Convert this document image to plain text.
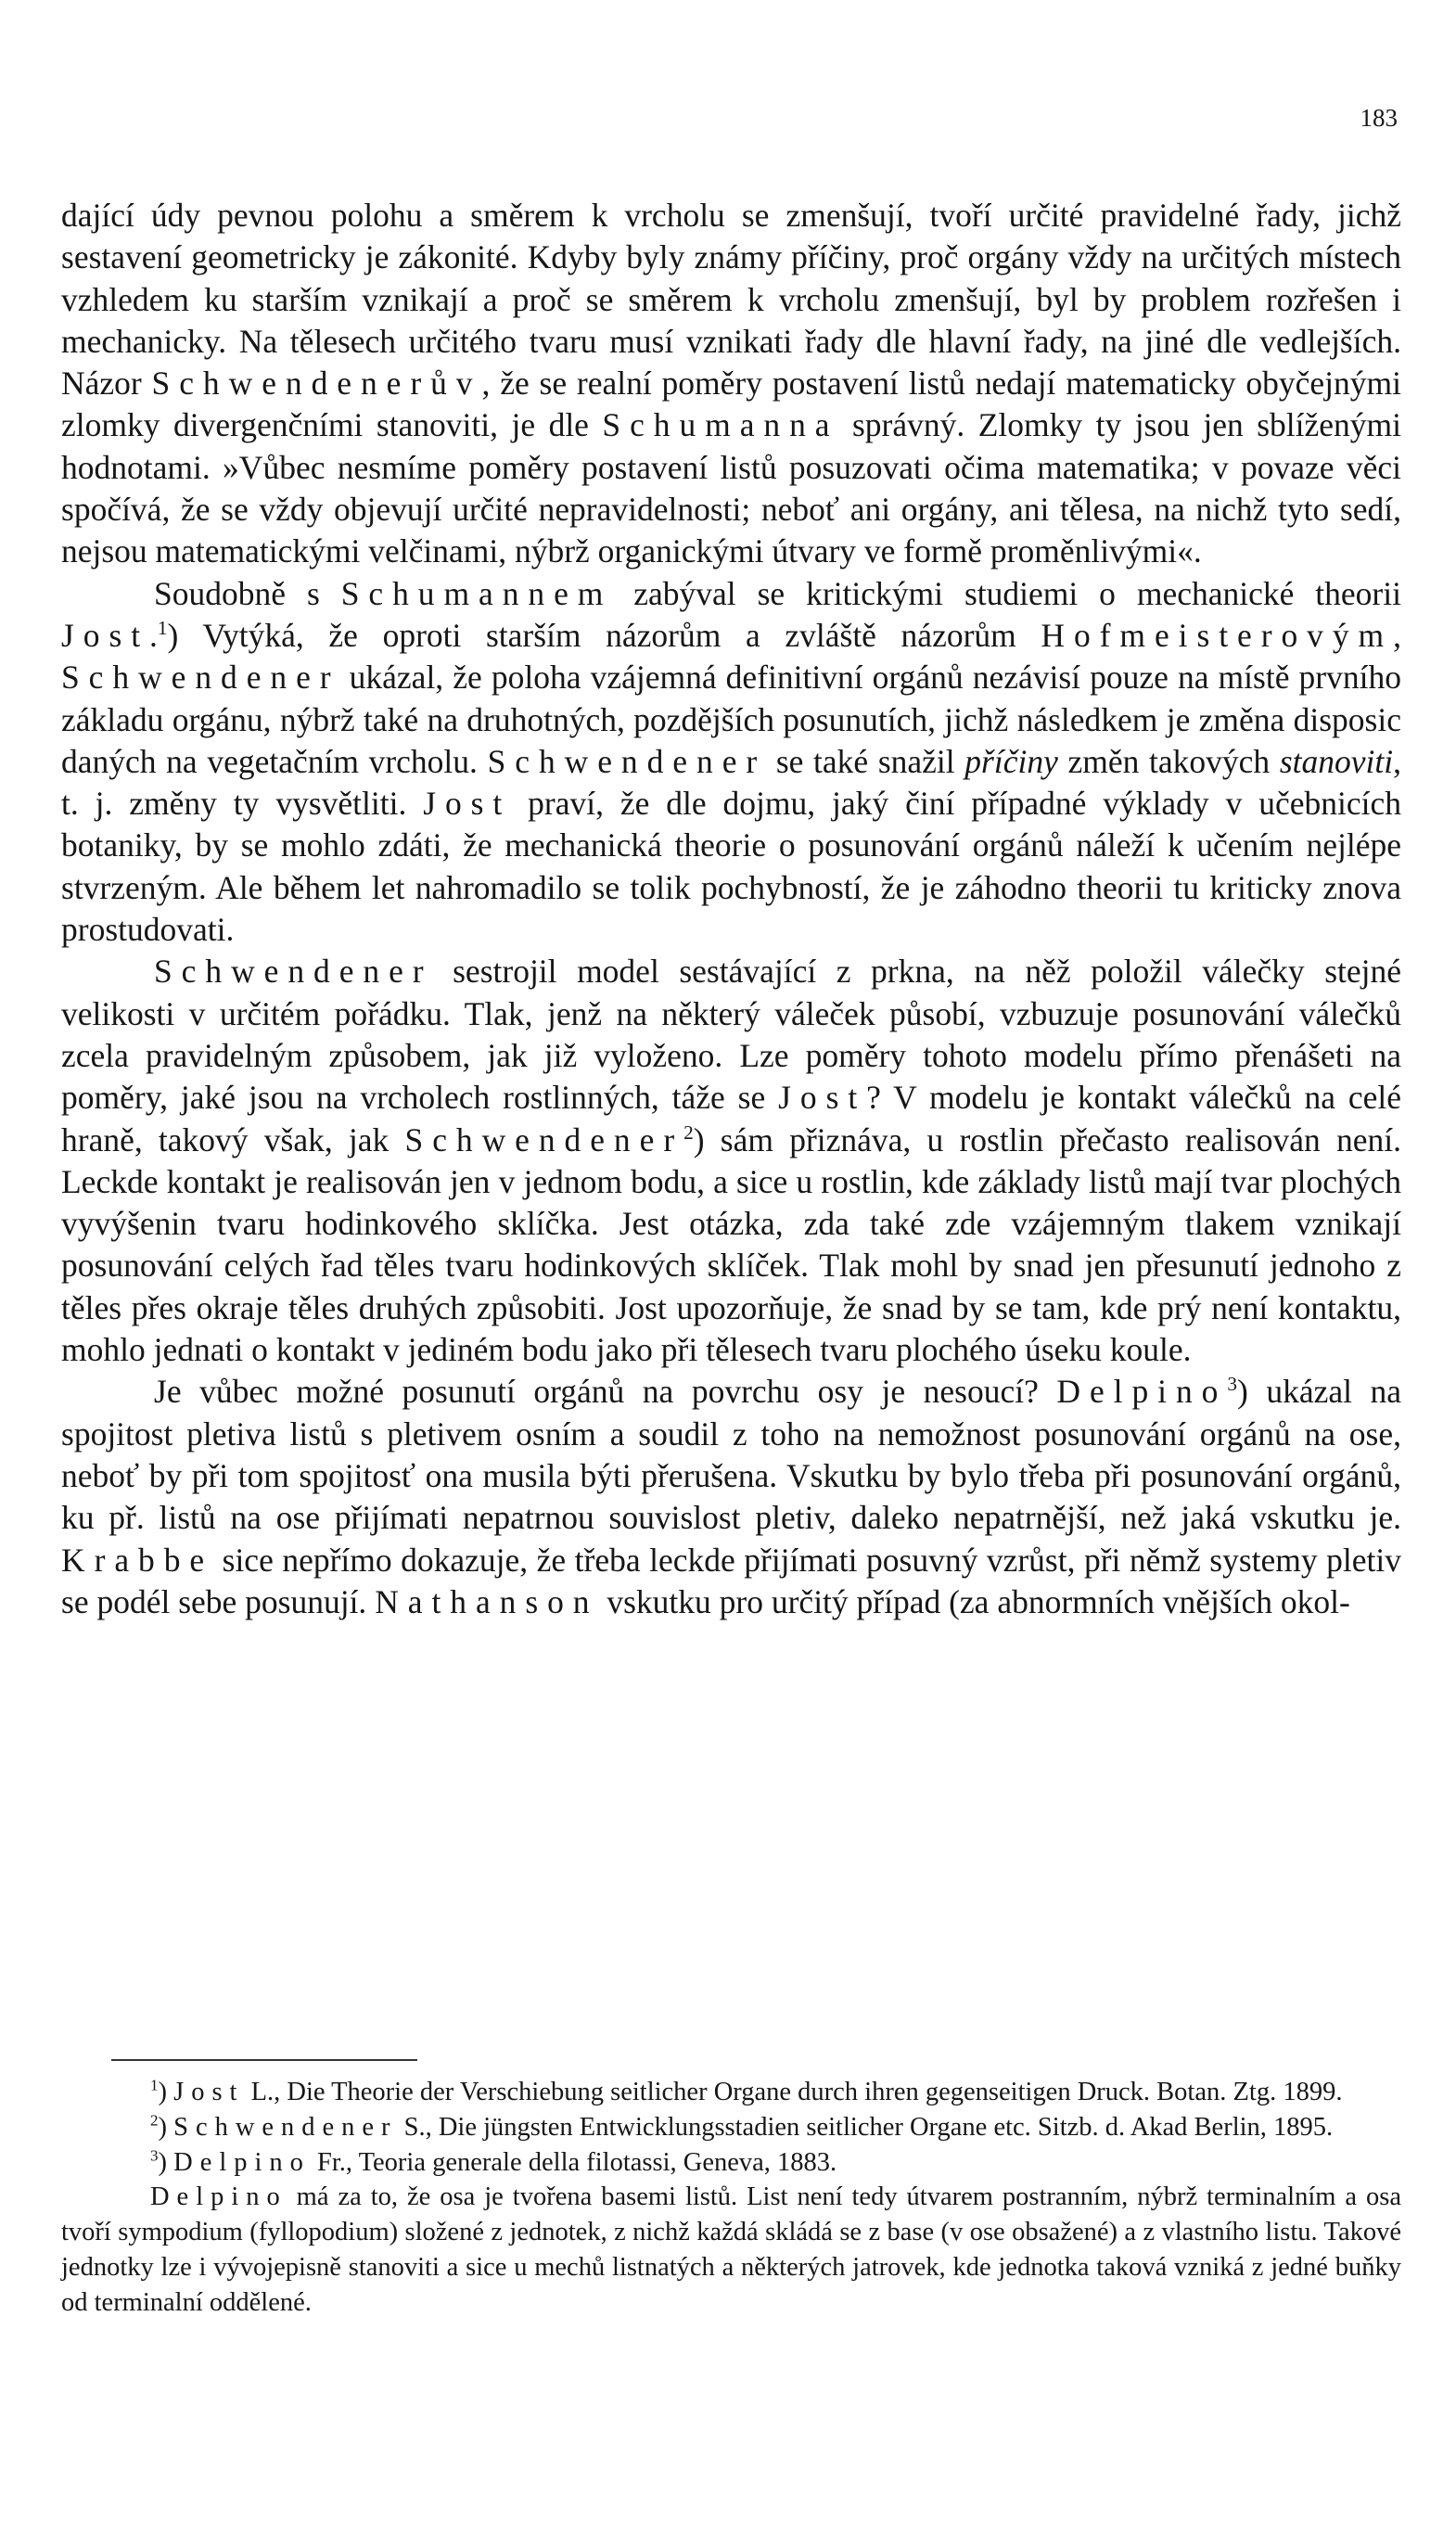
183

dající údy pevnou polohu a směrem k vrcholu se zmenšují, tvoří určité pravidelné řady, jichž sestavení geometricky je zákonité. Kdyby byly známy příčiny, proč orgány vždy na určitých místech vzhledem ku starším vznikají a proč se směrem k vrcholu zmenšují, byl by problem rozřešen i mechanicky. Na tělesech určitého tvaru musí vznikati řady dle hlavní řady, na jiné dle vedlejších. Názor Schwendenerův, že se realní poměry postavení listů nedají matematicky obyčejnými zlomky divergenčními stanoviti, je dle Schumanna správný. Zlomky ty jsou jen sblíženými hodnotami. »Vůbec nesmíme poměry postavení listů posuzovati očima matematika; v povaze věci spočívá, že se vždy objevují určité nepravidelnosti; neboť ani orgány, ani tělesa, na nichž tyto sedí, nejsou matematickými velčinami, nýbrž organickými útvary ve formě proměnlivými«.

Soudobně s Schumannem zabýval se kritickými studiemi o mechanické theorii Jost.$^1$) Vytýká, že oproti starším názorům a zvláště názorům Hofmeisterovým, Schwendener ukázal, že poloha vzájemná definitivní orgánů nezávisí pouze na místě prvního základu orgánu, nýbrž také na druhotných, pozdějších posunutích, jichž následkem je změna disposic daných na vegetačním vrcholu. Schwendener se také snažil příčiny změn takových stanoviti, t. j. změny ty vysvětliti. Jost praví, že dle dojmu, jaký činí případné výklady v učebnicích botaniky, by se mohlo zdáti, že mechanická theorie o posunování orgánů náleží k učením nejlépe stvrzeným. Ale během let nahromadilo se tolik pochybností, že je záhodno theorii tu kriticky znova prostudovati.

Schwendener sestrojil model sestávající z prkna, na něž položil válečky stejné velikosti v určitém pořádku. Tlak, jenž na některý váleček působí, vzbuzuje posunování válečků zcela pravidelným způsobem, jak již vyloženo. Lze poměry tohoto modelu přímo přenášeti na poměry, jaké jsou na vrcholech rostlinných, táže se Jost? V modelu je kontakt válečků na celé hraně, takový však, jak Schwendener$^2$) sám přiznáva, u rostlin přečasto realisován není. Leckde kontakt je realisován jen v jednom bodu, a sice u rostlin, kde základy listů mají tvar plochých vyvýšenin tvaru hodinkového sklíčka. Jest otázka, zda také zde vzájemným tlakem vznikají posunování celých řad těles tvaru hodinkových sklíček. Tlak mohl by snad jen přesunutí jednoho z těles přes okraje těles druhých způsobiti. Jost upozorňuje, že snad by se tam, kde prý není kontaktu, mohlo jednati o kontakt v jediném bodu jako při tělesech tvaru plochého úseku koule.

Je vůbec možné posunutí orgánů na povrchu osy je nesoucí? Delpino$^3$) ukázal na spojitost pletiva listů s pletivem osním a soudil z toho na nemožnost posunování orgánů na ose, neboť by při tom spojitosť ona musila býti přerušena. Vskutku by bylo třeba při posunování orgánů, ku př. listů na ose přijímati nepatrnou souvislost pletiv, daleko nepatrnější, než jaká vskutku je. Krabbe sice nepřímo dokazuje, že třeba leckde přijímati posuvný vzrůst, při němž systemy pletiv se podél sebe posunují. Nathanson vskutku pro určitý případ (za abnormních vnějších okol-

$^1$) Jost L., Die Theorie der Verschiebung seitlicher Organe durch ihren gegenseitigen Druck. Botan. Ztg. 1899.

$^2$) Schwendener S., Die jüngsten Entwicklungsstadien seitlicher Organe etc. Sitzb. d. Akad Berlin, 1895.

$^3$) Delpino Fr., Teoria generale della filotassi, Geneva, 1883.

Delpino má za to, že osa je tvořena basemi listů. List není tedy útvarem postranním, nýbrž terminalním a osa tvoří sympodium (fyllopodium) složené z jednotek, z nichž každá skládá se z base (v ose obsažené) a z vlastního listu. Takové jednotky lze i vývojepisně stanoviti a sice u mechů listnatých a některých jatrovek, kde jednotka taková vzniká z jedné buňky od terminalní oddělené.
